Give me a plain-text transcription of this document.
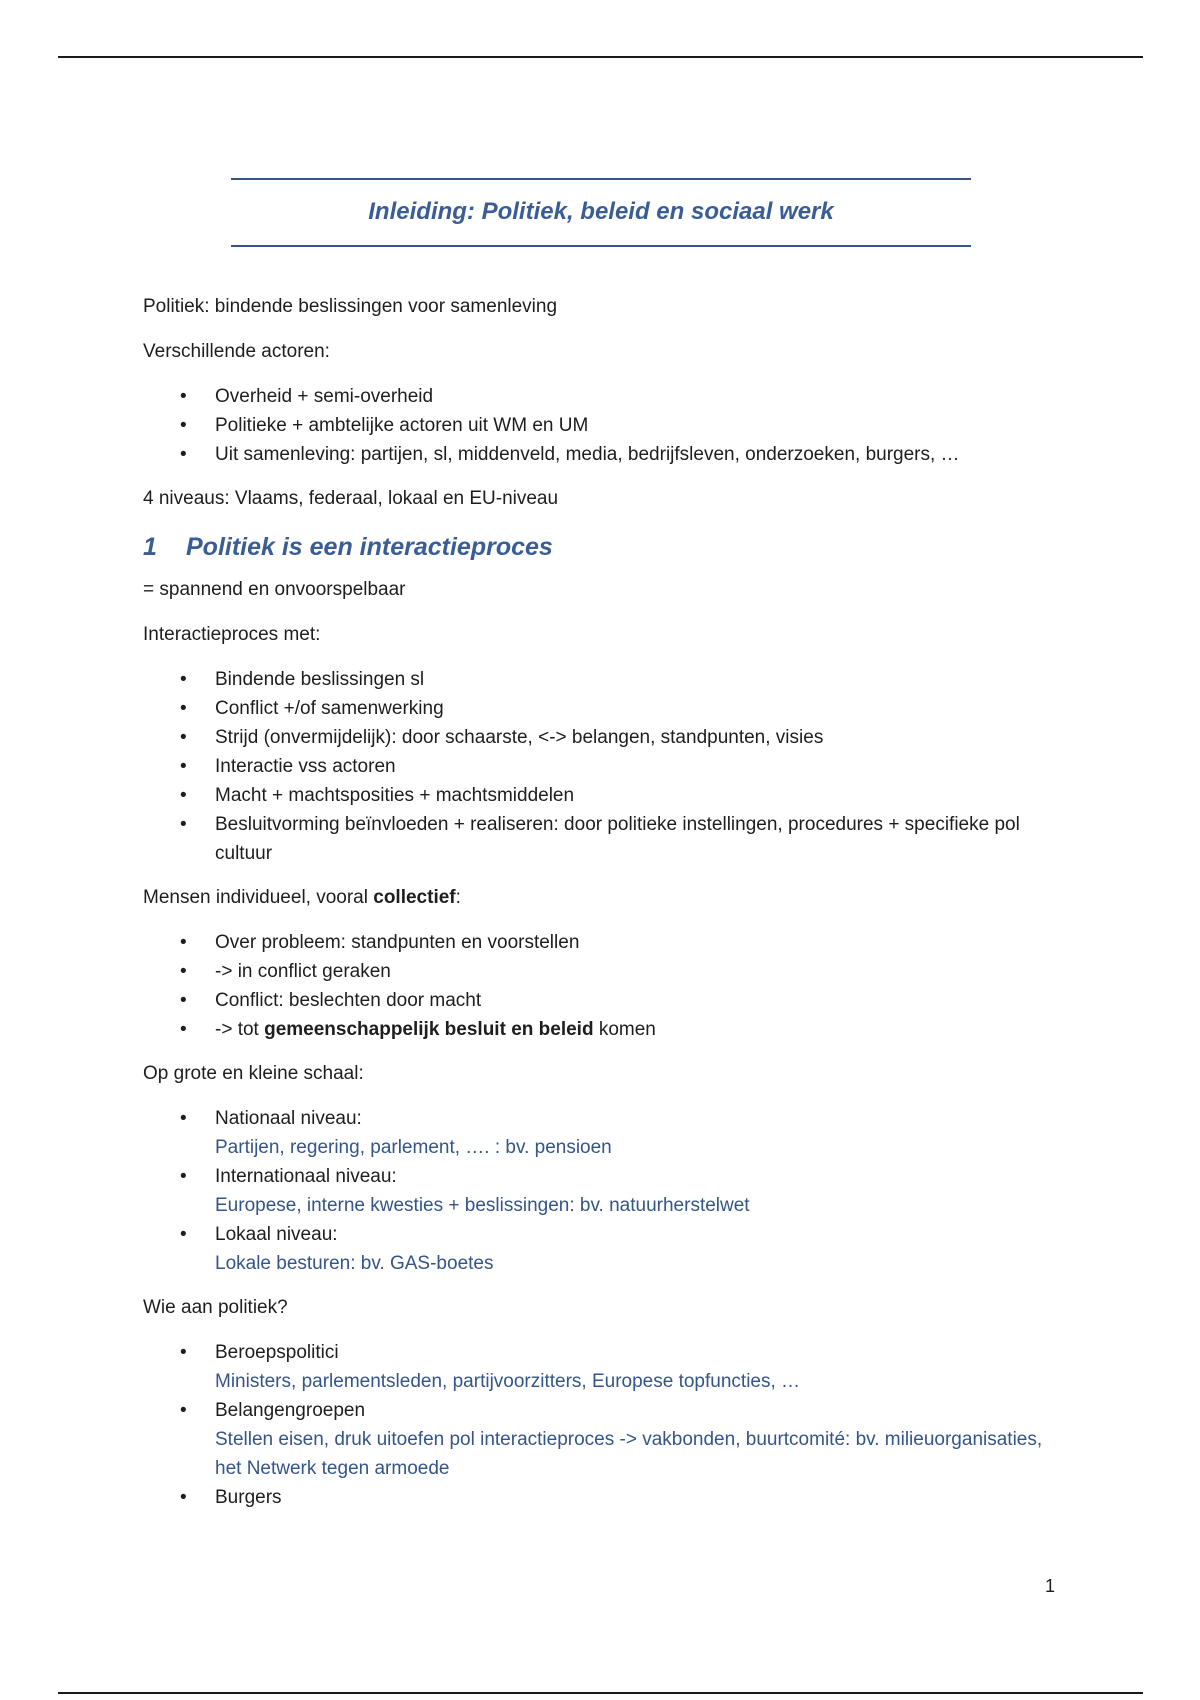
Inleiding: Politiek, beleid en sociaal werk

Politiek: bindende beslissingen voor samenleving

Verschillende actoren:

• Overheid + semi-overheid
• Politieke + ambtelijke actoren uit WM en UM
• Uit samenleving: partijen, sl, middenveld, media, bedrijfsleven, onderzoeken, burgers, …

4 niveaus: Vlaams, federaal, lokaal en EU-niveau

1 Politiek is een interactieproces

= spannend en onvoorspelbaar

Interactieproces met:

• Bindende beslissingen sl
• Conflict +/of samenwerking
• Strijd (onvermijdelijk): door schaarste, <-> belangen, standpunten, visies
• Interactie vss actoren
• Macht + machtsposities + machtsmiddelen
• Besluitvorming beïnvloeden + realiseren: door politieke instellingen, procedures + specifieke pol cultuur

Mensen individueel, vooral collectief:

• Over probleem: standpunten en voorstellen
• -> in conflict geraken
• Conflict: beslechten door macht
• -> tot gemeenschappelijk besluit en beleid komen

Op grote en kleine schaal:

• Nationaal niveau:
Partijen, regering, parlement, …. : bv. pensioen
• Internationaal niveau:
Europese, interne kwesties + beslissingen: bv. natuurherstelwet
• Lokaal niveau:
Lokale besturen: bv. GAS-boetes

Wie aan politiek?

• Beroepspolitici
Ministers, parlementsleden, partijvoorzitters, Europese topfuncties, …
• Belangengroepen
Stellen eisen, druk uitoefen pol interactieproces -> vakbonden, buurtcomité: bv. milieuorganisaties, het Netwerk tegen armoede
• Burgers
1
